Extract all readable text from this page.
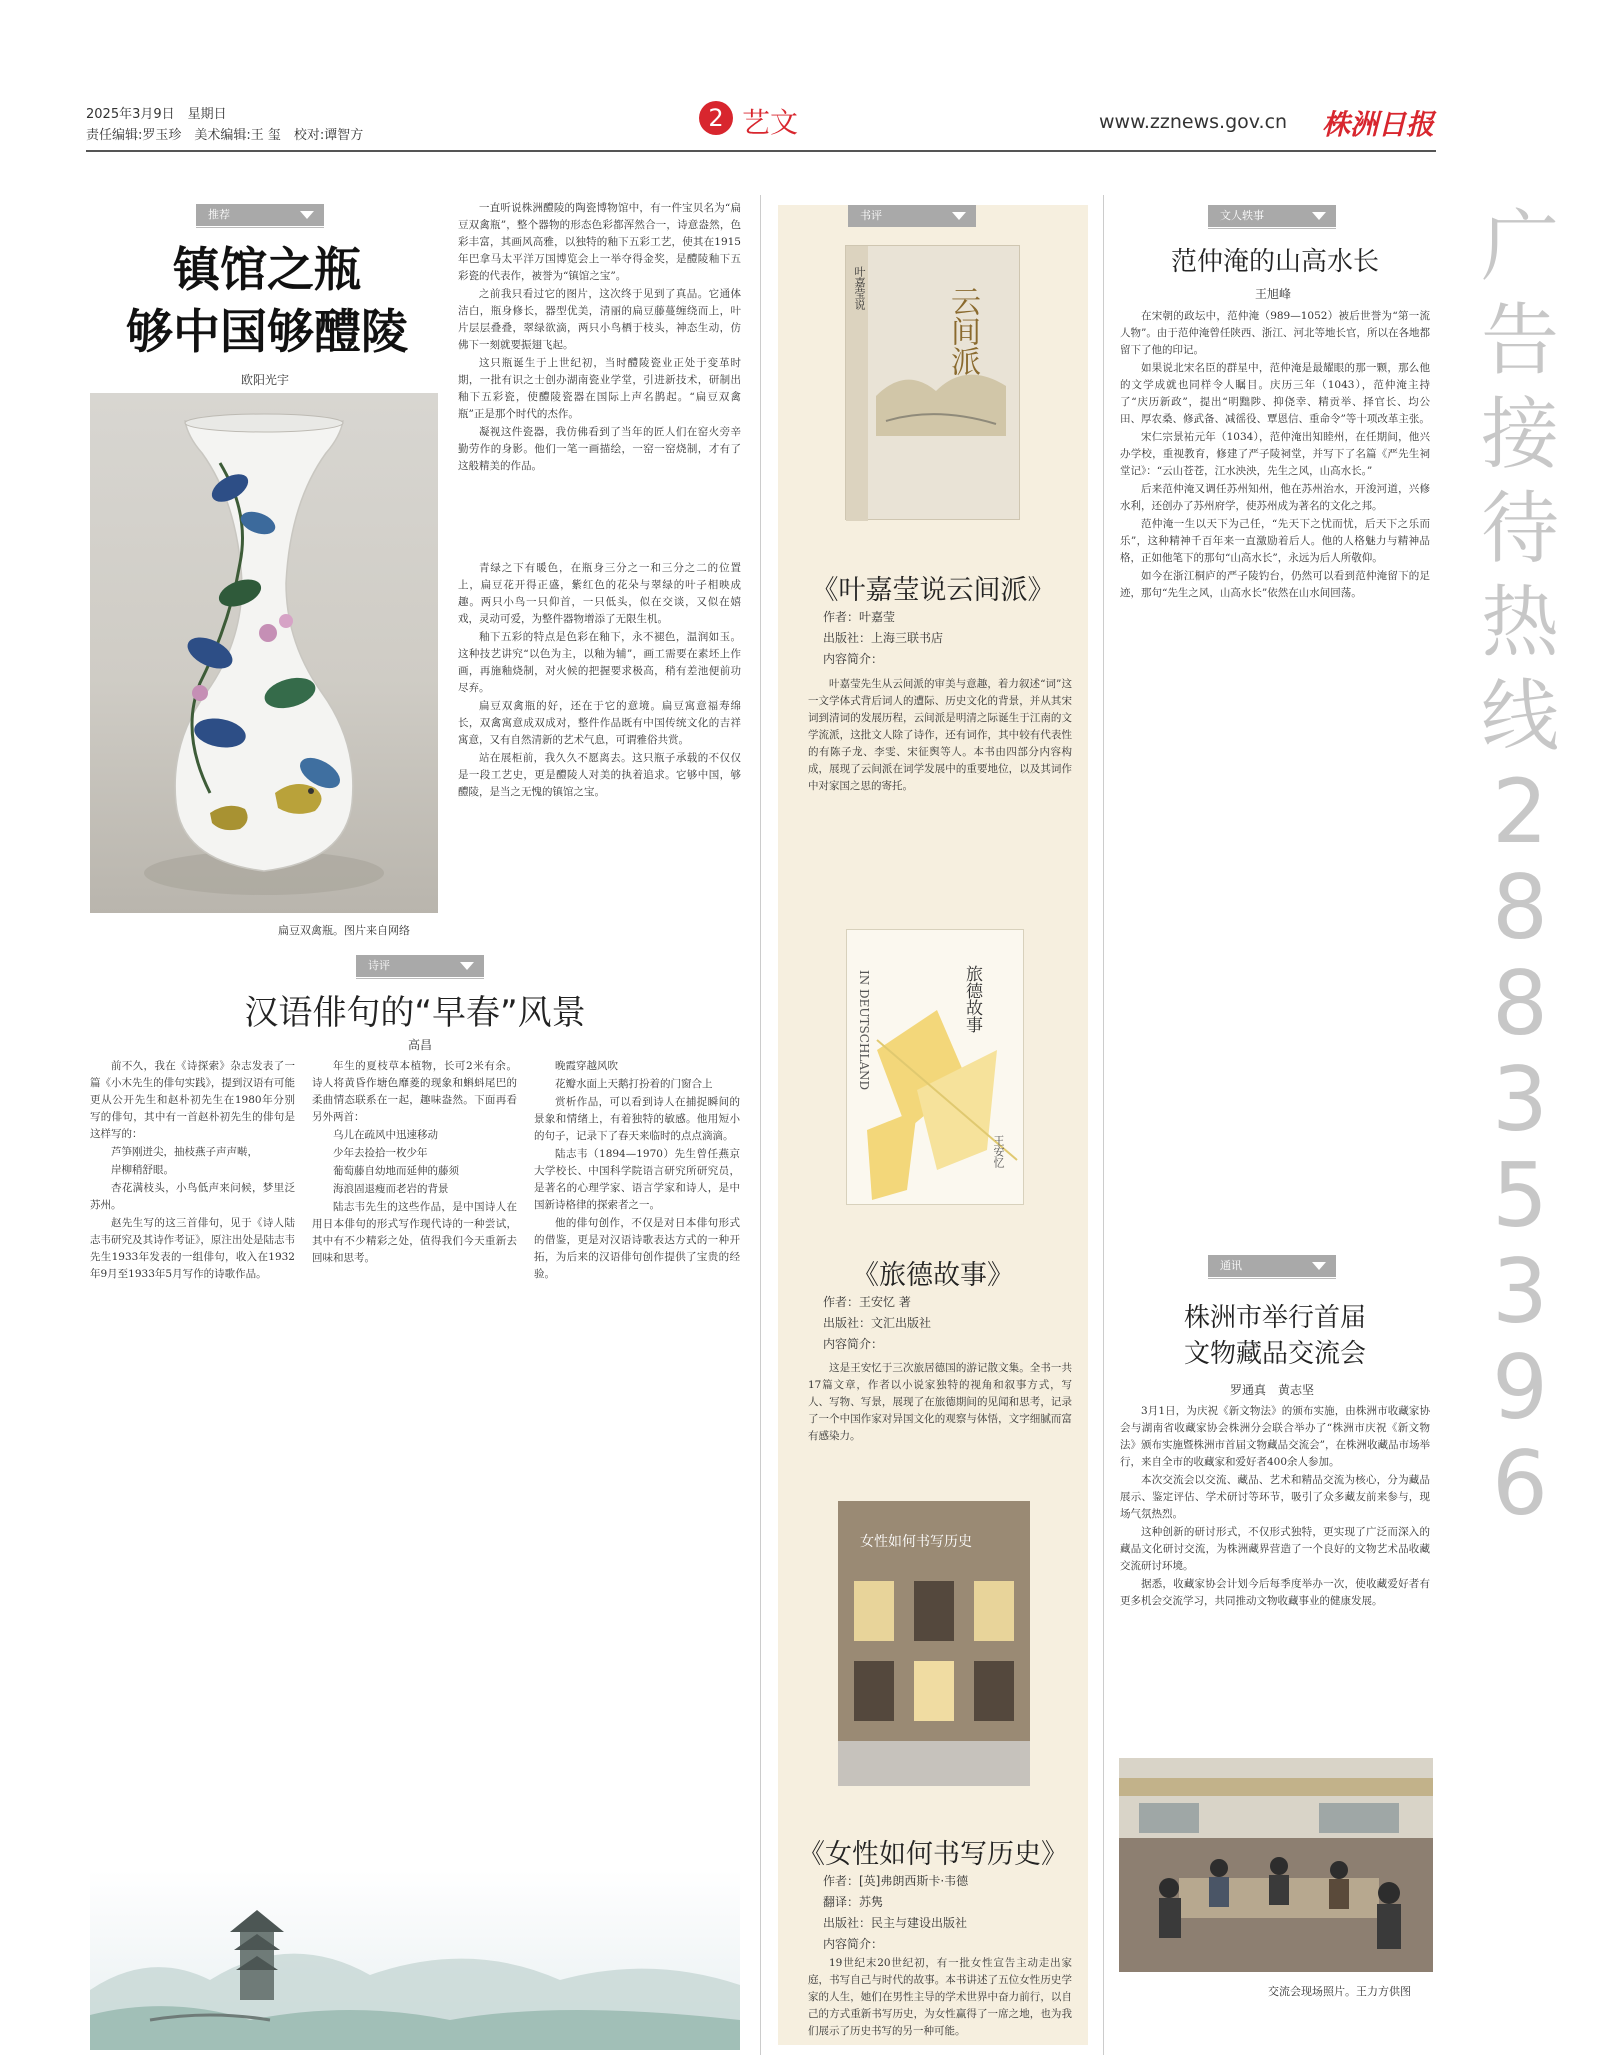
2025年3月9日　星期日
责任编辑:罗玉珍　美术编辑:王 玺　校对:谭智方
2 艺文	www.zznews.gov.cn 株洲日报
推荐
镇馆之瓶
够中国够醴陵
欧阳光宇
扁豆双禽瓶。图片来自网络

一直听说株洲醴陵的陶瓷博物馆中，有一件宝贝名为“扁豆双禽瓶”，整个器物的形态色彩都浑然合一，诗意盎然，色彩丰富，其画风高雅，以独特的釉下五彩工艺，使其在1915年巴拿马太平洋万国博览会上一举夺得金奖，是醴陵釉下五彩瓷的代表作，被誉为“镇馆之宝”。

之前我只看过它的图片，这次终于见到了真品。它通体洁白，瓶身修长，器型优美，清丽的扁豆藤蔓缠绕而上，叶片层层叠叠，翠绿欲滴，两只小鸟栖于枝头，神态生动，仿佛下一刻就要振翅飞起。

这只瓶诞生于上世纪初，当时醴陵瓷业正处于变革时期，一批有识之士创办湖南瓷业学堂，引进新技术，研制出釉下五彩瓷，使醴陵瓷器在国际上声名鹊起。“扁豆双禽瓶”正是那个时代的杰作。

凝视这件瓷器，我仿佛看到了当年的匠人们在窑火旁辛勤劳作的身影。他们一笔一画描绘，一窑一窑烧制，才有了这般精美的作品。

青绿之下有暖色，在瓶身三分之一和三分之二的位置上，扁豆花开得正盛，紫红色的花朵与翠绿的叶子相映成趣。两只小鸟一只仰首，一只低头，似在交谈，又似在嬉戏，灵动可爱，为整件器物增添了无限生机。

釉下五彩的特点是色彩在釉下，永不褪色，温润如玉。这种技艺讲究“以色为主，以釉为辅”，画工需要在素坯上作画，再施釉烧制，对火候的把握要求极高，稍有差池便前功尽弃。

扁豆双禽瓶的好，还在于它的意境。扁豆寓意福寿绵长，双禽寓意成双成对，整件作品既有中国传统文化的吉祥寓意，又有自然清新的艺术气息，可谓雅俗共赏。

站在展柜前，我久久不愿离去。这只瓶子承载的不仅仅是一段工艺史，更是醴陵人对美的执着追求。它够中国，够醴陵，是当之无愧的镇馆之宝。

诗评
汉语俳句的“早春”风景
高昌

前不久，我在《诗探索》杂志发表了一篇《小木先生的俳句实践》，提到汉语有可能更从公开先生和赵朴初先生在1980年分别写的俳句，其中有一首赵朴初先生的俳句是这样写的：

芦笋刚迸尖，抽枝燕子声声啭，

岸柳稍舒眼。

杏花满枝头，小鸟低声来问候，梦里泛苏州。

赵先生写的这三首俳句，见于《诗人陆志韦研究及其诗作考证》，原注出处是陆志韦先生1933年发表的一组俳句，收入在1932年9月至1933年5月写作的诗歌作品。

年生的夏枝草本植物，长可2米有余。诗人将黄昏作塘色靡菱的现象和蝌蚪尾巴的柔曲情态联系在一起，趣味盎然。下面再看另外两首：

乌儿在疏风中迅速移动

少年去捡拾一枚少年

葡萄藤自幼地而延伸的藤须

海浪固退瘦而老岩的背景

陆志韦先生的这些作品，是中国诗人在用日本俳句的形式写作现代诗的一种尝试，其中有不少精彩之处，值得我们今天重新去回味和思考。

晚霞穿越风吹

花瓣水面上天鹅打扮着的门窗合上

赏析作品，可以看到诗人在捕捉瞬间的景象和情绪上，有着独特的敏感。他用短小的句子，记录下了春天来临时的点点滴滴。

陆志韦（1894—1970）先生曾任燕京大学校长、中国科学院语言研究所研究员，是著名的心理学家、语言学家和诗人，是中国新诗格律的探索者之一。

他的俳句创作，不仅是对日本俳句形式的借鉴，更是对汉语诗歌表达方式的一种开拓，为后来的汉语俳句创作提供了宝贵的经验。

书评
叶嘉莹说	云间派
《叶嘉莹说云间派》
作者：叶嘉莹
出版社：上海三联书店
内容简介：

叶嘉莹先生从云间派的审美与意趣，着力叙述“词”这一文学体式背后词人的遭际、历史文化的背景，并从其宋词到清词的发展历程，云间派是明清之际诞生于江南的文学流派，这批文人除了诗作，还有词作，其中较有代表性的有陈子龙、李雯、宋征舆等人。本书由四部分内容构成，展现了云间派在词学发展中的重要地位，以及其词作中对家国之思的寄托。

IN DEUTSCHLAND	旅德故事
王安忆
《旅德故事》
作者：王安忆 著
出版社：文汇出版社
内容简介：

这是王安忆于三次旅居德国的游记散文集。全书一共17篇文章，作者以小说家独特的视角和叙事方式，写人、写物、写景，展现了在旅德期间的见闻和思考，记录了一个中国作家对异国文化的观察与体悟，文字细腻而富有感染力。

女性如何书写历史
《女性如何书写历史》
作者：[英]弗朗西斯卡·韦德
翻译：苏隽
出版社：民主与建设出版社
内容简介：

19世纪末20世纪初，有一批女性宣告主动走出家庭，书写自己与时代的故事。本书讲述了五位女性历史学家的人生，她们在男性主导的学术世界中奋力前行，以自己的方式重新书写历史，为女性赢得了一席之地，也为我们展示了历史书写的另一种可能。

文人轶事
范仲淹的山高水长
王旭峰

在宋朝的政坛中，范仲淹（989—1052）被后世誉为“第一流人物”。由于范仲淹曾任陕西、浙江、河北等地长官，所以在各地都留下了他的印记。

如果说北宋名臣的群星中，范仲淹是最耀眼的那一颗，那么他的文学成就也同样令人瞩目。庆历三年（1043），范仲淹主持了“庆历新政”，提出“明黜陟、抑侥幸、精贡举、择官长、均公田、厚农桑、修武备、减徭役、覃恩信、重命令”等十项改革主张。

宋仁宗景祐元年（1034），范仲淹出知睦州，在任期间，他兴办学校，重视教育，修建了严子陵祠堂，并写下了名篇《严先生祠堂记》：“云山苍苍，江水泱泱，先生之风，山高水长。”

后来范仲淹又调任苏州知州，他在苏州治水，开浚河道，兴修水利，还创办了苏州府学，使苏州成为著名的文化之邦。

范仲淹一生以天下为己任，“先天下之忧而忧，后天下之乐而乐”，这种精神千百年来一直激励着后人。他的人格魅力与精神品格，正如他笔下的那句“山高水长”，永远为后人所敬仰。

如今在浙江桐庐的严子陵钓台，仍然可以看到范仲淹留下的足迹，那句“先生之风，山高水长”依然在山水间回荡。

通讯
株洲市举行首届
文物藏品交流会
罗通真　黄志坚

3月1日，为庆祝《新文物法》的颁布实施，由株洲市收藏家协会与湖南省收藏家协会株洲分会联合举办了“株洲市庆祝《新文物法》颁布实施暨株洲市首届文物藏品交流会”，在株洲收藏品市场举行，来自全市的收藏家和爱好者400余人参加。

本次交流会以交流、藏品、艺术和精品交流为核心，分为藏品展示、鉴定评估、学术研讨等环节，吸引了众多藏友前来参与，现场气氛热烈。

这种创新的研讨形式，不仅形式独特，更实现了广泛而深入的藏品文化研讨交流，为株洲藏界营造了一个良好的文物艺术品收藏交流研讨环境。

据悉，收藏家协会计划今后每季度举办一次，使收藏爱好者有更多机会交流学习，共同推动文物收藏事业的健康发展。

交流会现场照片。王力方供图
广
告
接
待
热
线
2
8
8
3
5
3
9
6
